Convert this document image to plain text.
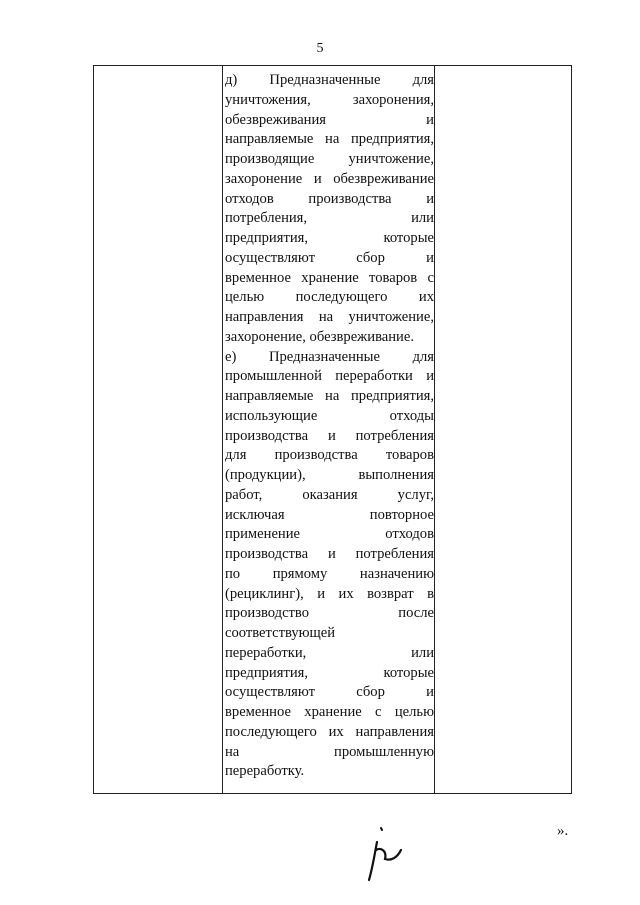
5

д) Предназначенные для
уничтожения, захоронения,
обезвреживания и
направляемые на предприятия,
производящие уничтожение,
захоронение и обезвреживание
отходов производства и
потребления, или
предприятия, которые
осуществляют сбор и
временное хранение товаров с
целью последующего их
направления на уничтожение,
захоронение, обезвреживание.
е) Предназначенные для
промышленной переработки и
направляемые на предприятия,
использующие отходы
производства и потребления
для производства товаров
(продукции), выполнения
работ, оказания услуг,
исключая повторное
применение отходов
производства и потребления
по прямому назначению
(рециклинг), и их возврат в
производство после
соответствующей
переработки, или
предприятия, которые
осуществляют сбор и
временное хранение с целью
последующего их направления
на промышленную
переработку.

».
